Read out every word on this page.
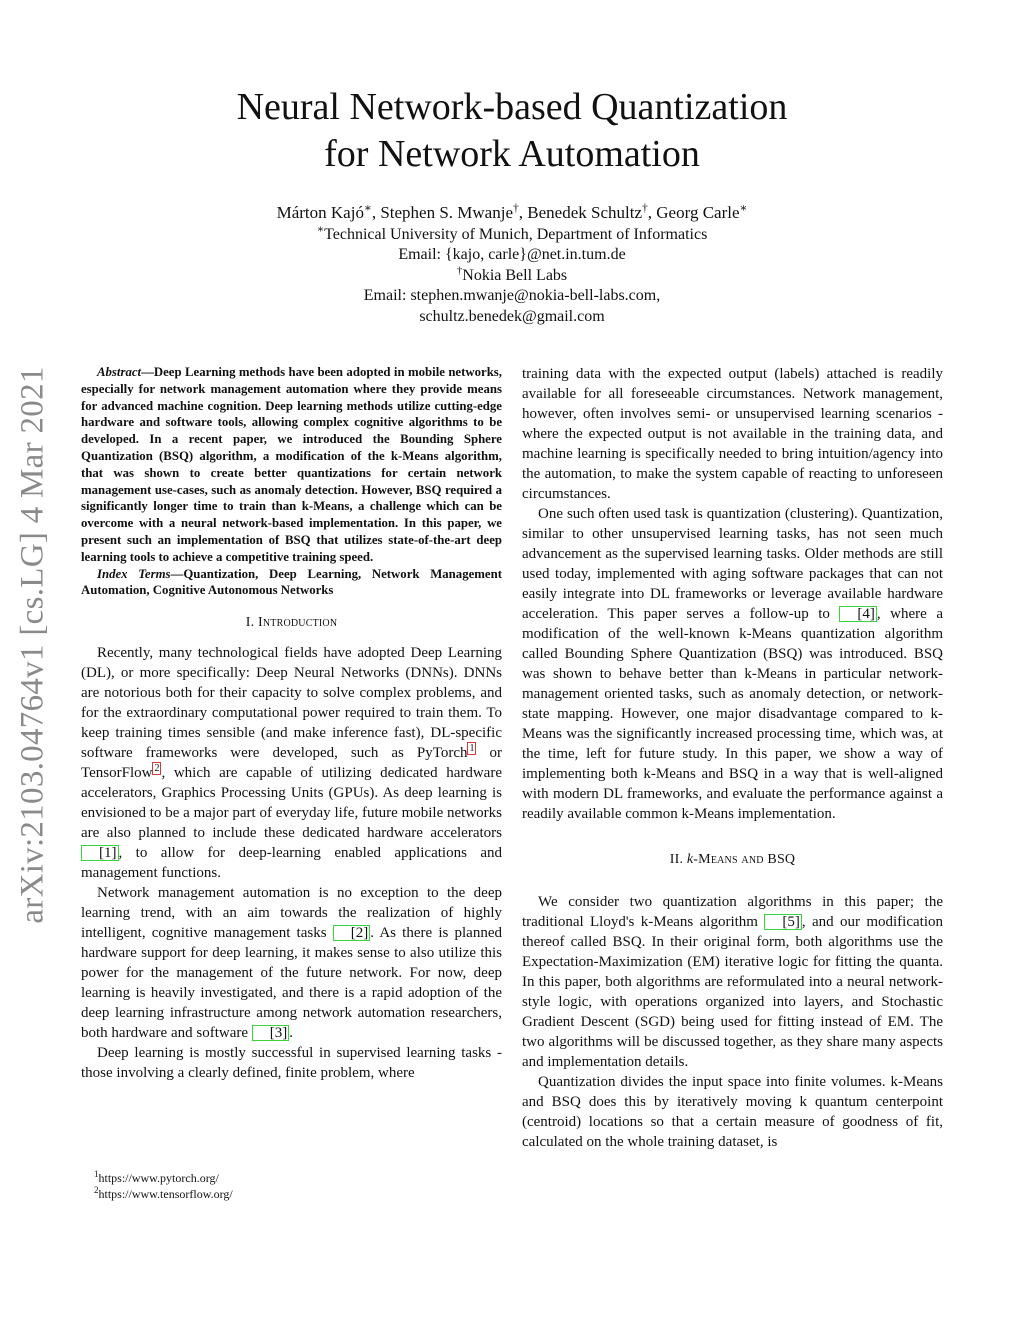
arXiv:2103.04764v1 [cs.LG] 4 Mar 2021
Neural Network-based Quantization
for Network Automation
Márton Kajó∗, Stephen S. Mwanje†, Benedek Schultz†, Georg Carle∗
∗Technical University of Munich, Department of Informatics
Email: {kajo, carle}@net.in.tum.de
†Nokia Bell Labs
Email: stephen.mwanje@nokia-bell-labs.com,
schultz.benedek@gmail.com

Abstract—Deep Learning methods have been adopted in mobile networks, especially for network management automation where they provide means for advanced machine cognition. Deep learning methods utilize cutting-edge hardware and software tools, allowing complex cognitive algorithms to be developed. In a recent paper, we introduced the Bounding Sphere Quantization (BSQ) algorithm, a modification of the k-Means algorithm, that was shown to create better quantizations for certain network management use-cases, such as anomaly detection. However, BSQ required a significantly longer time to train than k-Means, a challenge which can be overcome with a neural network-based implementation. In this paper, we present such an implementation of BSQ that utilizes state-of-the-art deep learning tools to achieve a competitive training speed.

Index Terms—Quantization, Deep Learning, Network Management Automation, Cognitive Autonomous Networks

I. Introduction

Recently, many technological fields have adopted Deep Learning (DL), or more specifically: Deep Neural Networks (DNNs). DNNs are notorious both for their capacity to solve complex problems, and for the extraordinary computational power required to train them. To keep training times sensible (and make inference fast), DL-specific software frameworks were developed, such as PyTorch $^1$ or TensorFlow $^2$ , which are capable of utilizing dedicated hardware accelerators, Graphics Processing Units (GPUs). As deep learning is envisioned to be a major part of everyday life, future mobile networks are also planned to include these dedicated hardware accelerators [1] , to allow for deep-learning enabled applications and management functions.

Network management automation is no exception to the deep learning trend, with an aim towards the realization of highly intelligent, cognitive management tasks [2] . As there is planned hardware support for deep learning, it makes sense to also utilize this power for the management of the future network. For now, deep learning is heavily investigated, and there is a rapid adoption of the deep learning infrastructure among network automation researchers, both hardware and software [3] .

Deep learning is mostly successful in supervised learning tasks - those involving a clearly defined, finite problem, where

training data with the expected output (labels) attached is readily available for all foreseeable circumstances. Network management, however, often involves semi- or unsupervised learning scenarios - where the expected output is not available in the training data, and machine learning is specifically needed to bring intuition/agency into the automation, to make the system capable of reacting to unforeseen circumstances.

One such often used task is quantization (clustering). Quantization, similar to other unsupervised learning tasks, has not seen much advancement as the supervised learning tasks. Older methods are still used today, implemented with aging software packages that can not easily integrate into DL frameworks or leverage available hardware acceleration. This paper serves a follow-up to [4] , where a modification of the well-known k-Means quantization algorithm called Bounding Sphere Quantization (BSQ) was introduced. BSQ was shown to behave better than k-Means in particular network-management oriented tasks, such as anomaly detection, or network-state mapping. However, one major disadvantage compared to k-Means was the significantly increased processing time, which was, at the time, left for future study. In this paper, we show a way of implementing both k-Means and BSQ in a way that is well-aligned with modern DL frameworks, and evaluate the performance against a readily available common k-Means implementation.

II. k-Means and BSQ

We consider two quantization algorithms in this paper; the traditional Lloyd's k-Means algorithm [5] , and our modification thereof called BSQ. In their original form, both algorithms use the Expectation-Maximization (EM) iterative logic for fitting the quanta. In this paper, both algorithms are reformulated into a neural network-style logic, with operations organized into layers, and Stochastic Gradient Descent (SGD) being used for fitting instead of EM. The two algorithms will be discussed together, as they share many aspects and implementation details.

Quantization divides the input space into finite volumes. k-Means and BSQ does this by iteratively moving k quantum centerpoint (centroid) locations so that a certain measure of goodness of fit, calculated on the whole training dataset, is

$^1$https://www.pytorch.org/
$^2$https://www.tensorflow.org/
